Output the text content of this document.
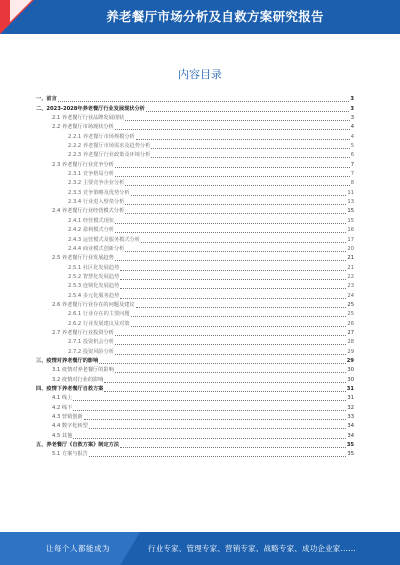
养老餐厅市场分析及自救方案研究报告
内容目录
一、前言	3
二、2023-2028年养老餐厅行业发展现状分析	3
2.1 养老餐厅行业品牌发展现状	3
2.2 养老餐厅市场现状分析	4
2.2.1 养老餐厅市场规模分析	4
2.2.2 养老餐厅市场需求及趋势分析	5
2.2.3 养老餐厅行业政策及环境分析	6
2.3 养老餐厅行业竞争分析	7
2.3.1 竞争格局分析	7
2.3.2 主要竞争企业分析	8
2.3.3 竞争策略及优势分析	11
2.3.4 行业进入壁垒分析	13
2.4 养老餐厅行业经营模式分析	15
2.4.1 经营模式现状	15
2.4.2 盈利模式分析	16
2.4.3 运营模式及服务模式分析	17
2.4.4 商业模式创新分析	20
2.5 养老餐厅行业发展趋势	21
2.5.1 社区化发展趋势	21
2.5.2 智慧化发展趋势	22
2.5.3 连锁化发展趋势	23
2.5.4 多元化服务趋势	24
2.6 养老餐厅行业存在的问题及建议	25
2.6.1 行业存在的主要问题	25
2.6.2 行业发展建议及对策	26
2.7 养老餐厅行业投资分析	27
2.7.1 投资机会分析	28
2.7.2 投资风险分析	29
三、疫情对养老餐厅的影响	29
3.1 疫情对养老餐厅的影响	30
3.2 疫情对行业的影响	30
四、疫情下养老餐厅自救方案	31
4.1 线上	31
4.2 线下	32
4.3 营销创新	33
4.4 数字化转型	34
4.5 其他	34
五、养老餐厅《自救方案》制定方法	35
5.1 方案与报告	35
让每个人都能成为	行业专家、管理专家、营销专家、战略专家、成功企业家……
